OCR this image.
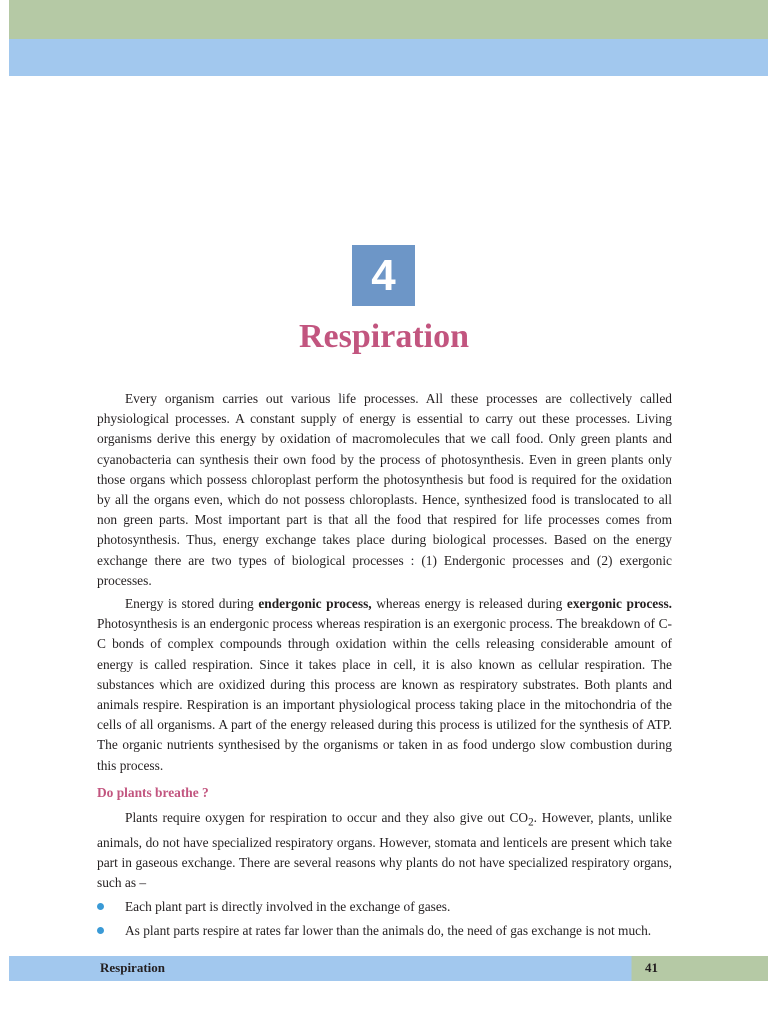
4
Respiration

Every organism carries out various life processes. All these processes are collectively called physiological processes. A constant supply of energy is essential to carry out these processes. Living organisms derive this energy by oxidation of macromolecules that we call food. Only green plants and cyanobacteria can synthesis their own food by the process of photosynthesis. Even in green plants only those organs which possess chloroplast perform the photosynthesis but food is required for the oxidation by all the organs even, which do not possess chloroplasts. Hence, synthesized food is translocated to all non green parts. Most important part is that all the food that respired for life processes comes from photosynthesis. Thus, energy exchange takes place during biological processes. Based on the energy exchange there are two types of biological processes : (1) Endergonic processes and (2) exergonic processes.

Energy is stored during endergonic process, whereas energy is released during exergonic process. Photosynthesis is an endergonic process whereas respiration is an exergonic process. The breakdown of C-C bonds of complex compounds through oxidation within the cells releasing considerable amount of energy is called respiration. Since it takes place in cell, it is also known as cellular respiration. The substances which are oxidized during this process are known as respiratory substrates. Both plants and animals respire. Respiration is an important physiological process taking place in the mitochondria of the cells of all organisms. A part of the energy released during this process is utilized for the synthesis of ATP. The organic nutrients synthesised by the organisms or taken in as food undergo slow combustion during this process.

Do plants breathe ?

Plants require oxygen for respiration to occur and they also give out $CO_2$. However, plants, unlike animals, do not have specialized respiratory organs. However, stomata and lenticels are present which take part in gaseous exchange. There are several reasons why plants do not have specialized respiratory organs, such as –

Each plant part is directly involved in the exchange of gases.
As plant parts respire at rates far lower than the animals do, the need of gas exchange is not much.
Respiration	41
